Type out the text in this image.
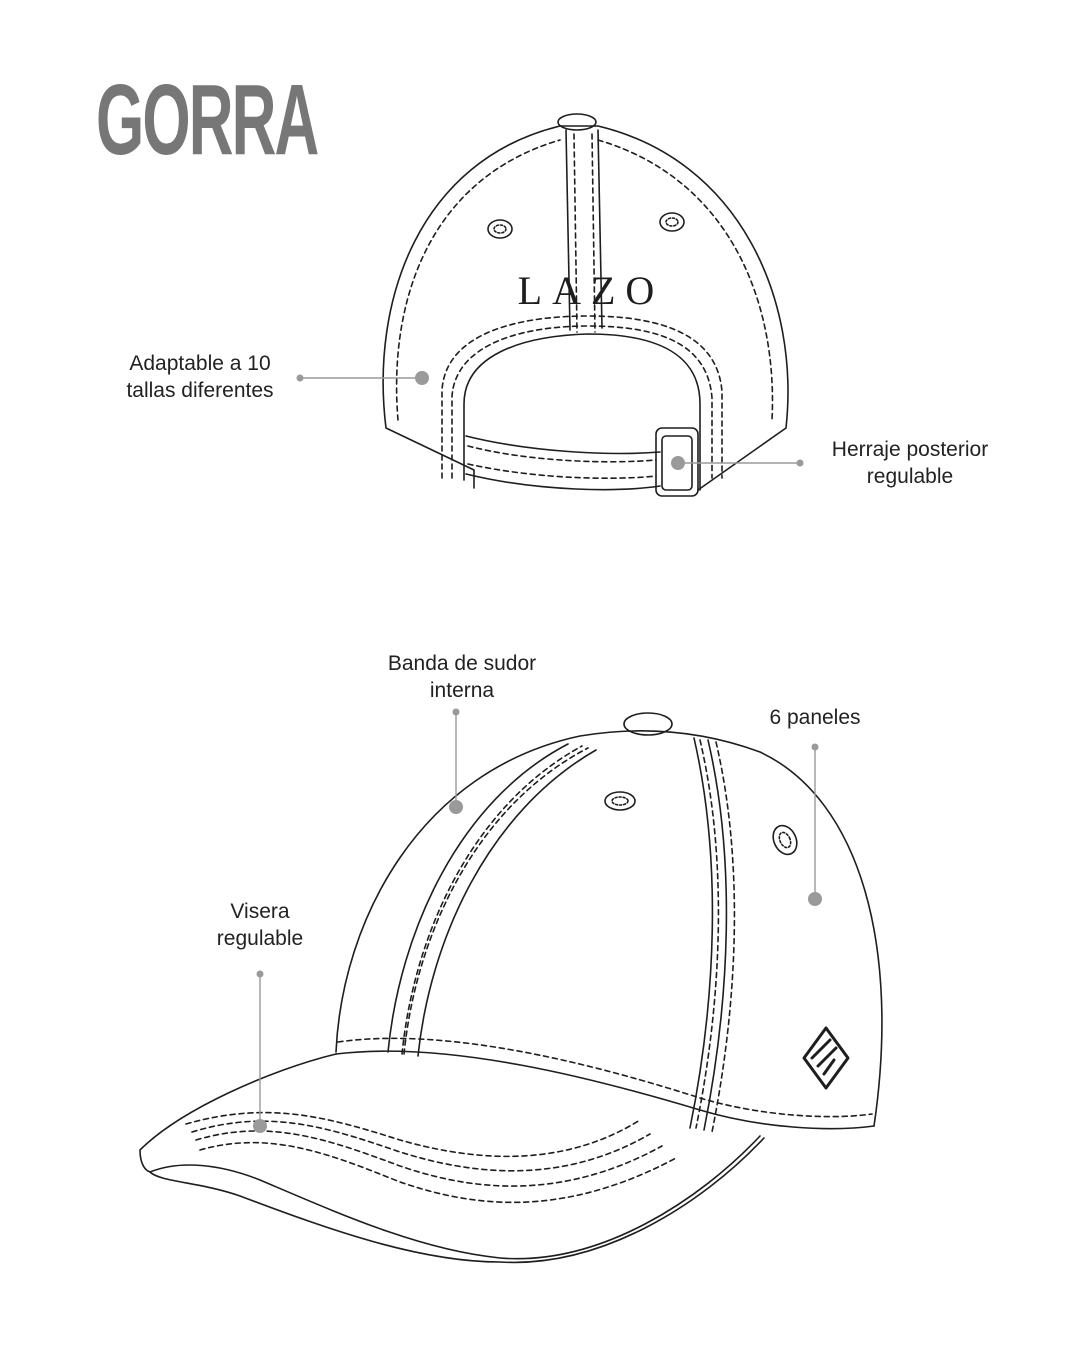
GORRA
LAZO
Adaptable a 10
tallas diferentes
Herraje posterior
regulable
Banda de sudor
interna
6 paneles
Visera
regulable
